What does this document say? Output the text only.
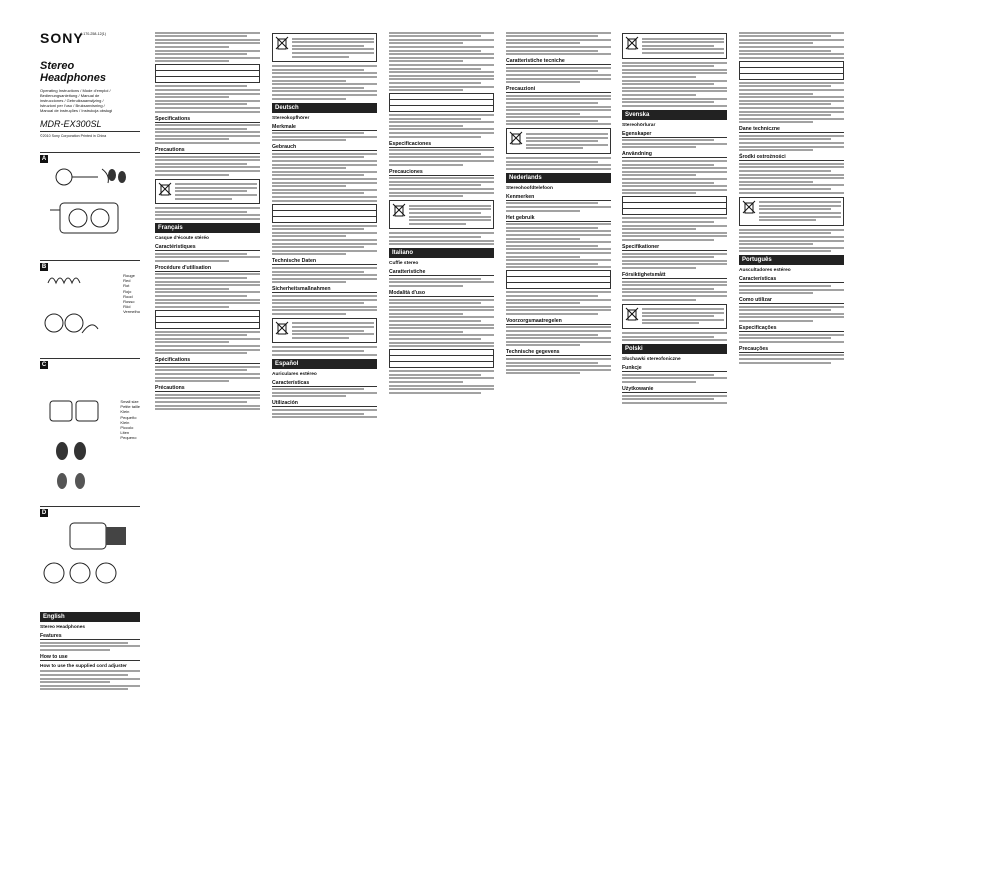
SONY
4-170-258-12(1)
Stereo
Headphones
Operating Instructions / Mode d'emploi /
Bedienungsanleitung / Manual de
instrucciones / Gebruiksaanwijzing /
Istruzioni per l'uso / Bruksanvisning /
Manual de instruções / Instrukcja obsługi
MDR-EX300SL
©2010 Sony Corporation Printed in China
A
B
Rouge
Red
Rot
Rojo
Rood
Rosso
Röd
Vermelho
C
Small size
Petite taille
Klein
Pequeño
Klein
Piccolo
Liten
Pequeno
D
English
Stereo Headphones
Features
How to use
How to use the supplied cord adjuster
Specifications
Precautions
Français
Casque d'écoute stéréo
Caractéristiques
Procédure d'utilisation
Spécifications
Précautions
Deutsch
Stereokopfhörer
Merkmale
Gebrauch
Technische Daten
Sicherheitsmaßnahmen
Español
Auriculares estéreo
Características
Utilización
Especificaciones
Precauciones
Italiano
Cuffie stereo
Caratteristiche
Modalità d'uso
Caratteristiche tecniche
Precauzioni
Nederlands
Stereohoofdtelefoon
Kenmerken
Het gebruik
Voorzorgsmaatregelen
Technische gegevens
Svenska
Stereohörlurar
Egenskaper
Användning
Specifikationer
Försiktighetsmått
Polski
Słuchawki stereofoniczne
Funkcje
Użytkowanie
Dane techniczne
Środki ostrożności
Português
Auscultadores estéreo
Características
Como utilizar
Especificações
Precauções
